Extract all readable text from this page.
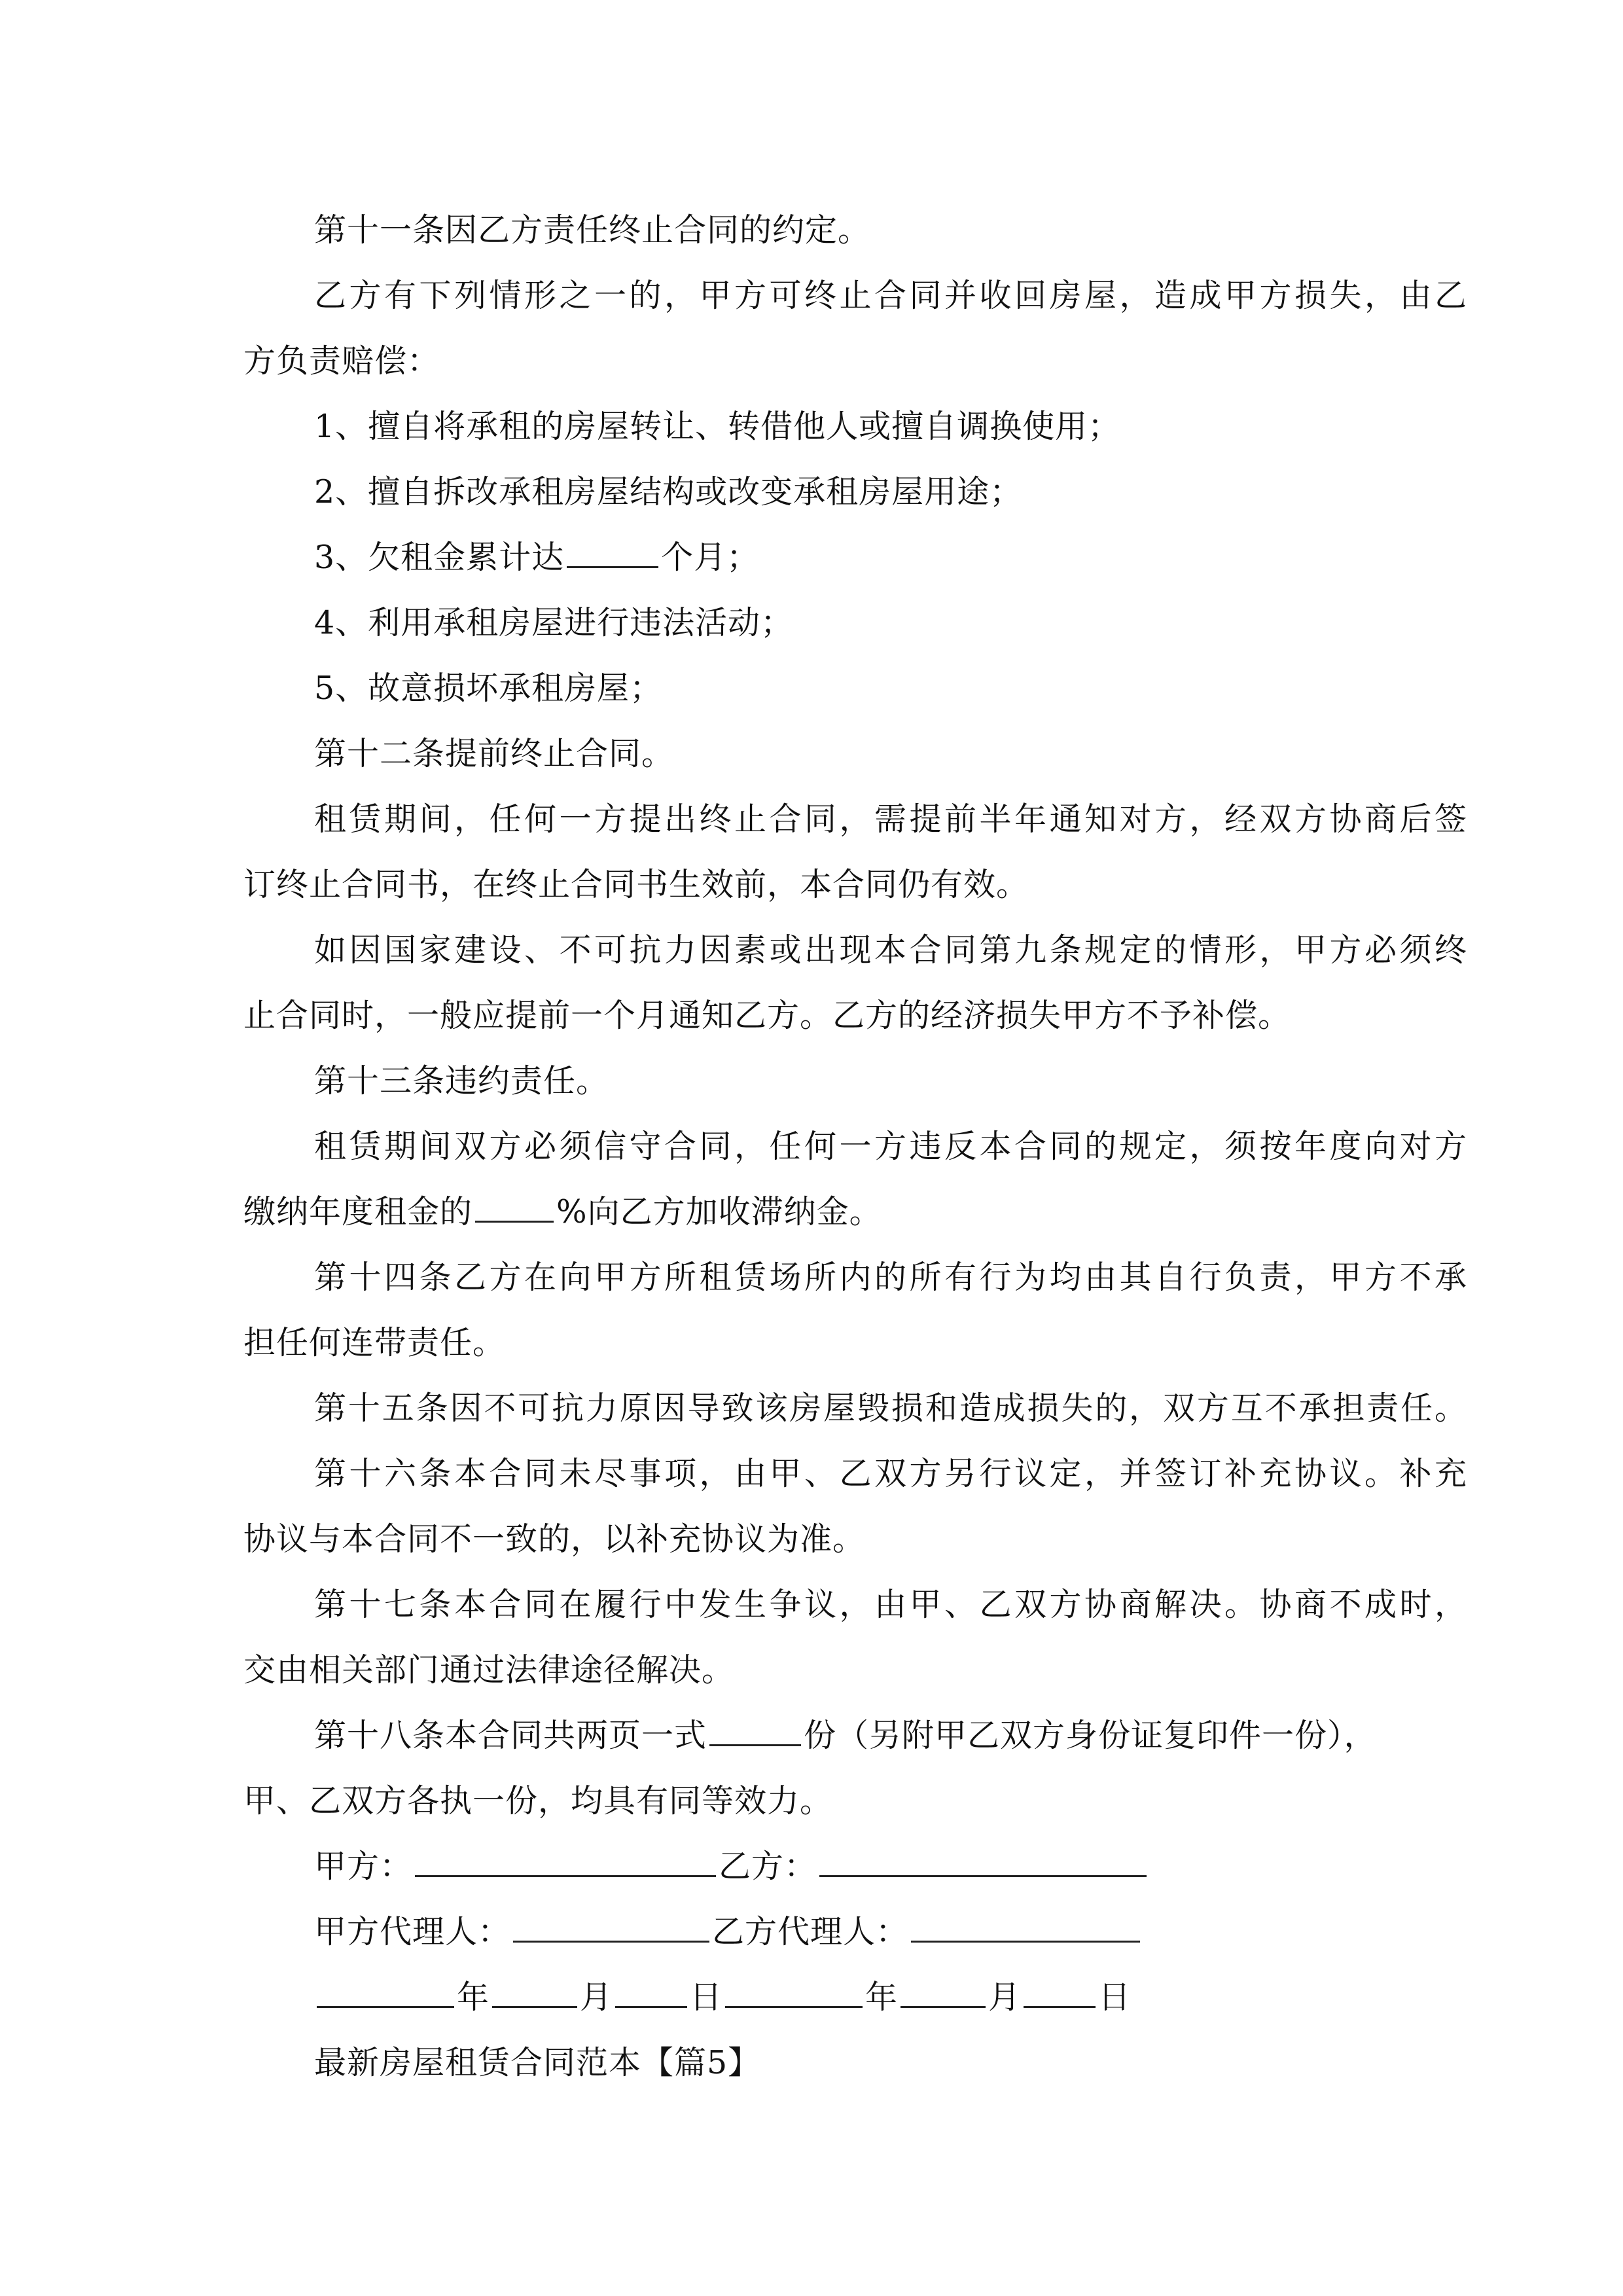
第十一条因乙方责任终止合同的约定。
乙方有下列情形之一的，甲方可终止合同并收回房屋，造成甲方损失，由乙
方负责赔偿：
1、擅自将承租的房屋转让、转借他人或擅自调换使用；
2、擅自拆改承租房屋结构或改变承租房屋用途；
3、欠租金累计达	个月；
4、利用承租房屋进行违法活动；
5、故意损坏承租房屋；
第十二条提前终止合同。
租赁期间，任何一方提出终止合同，需提前半年通知对方，经双方协商后签
订终止合同书，在终止合同书生效前，本合同仍有效。
如因国家建设、不可抗力因素或出现本合同第九条规定的情形，甲方必须终
止合同时，一般应提前一个月通知乙方。乙方的经济损失甲方不予补偿。
第十三条违约责任。
租赁期间双方必须信守合同，任何一方违反本合同的规定，须按年度向对方
缴纳年度租金的	%向乙方加收滞纳金。
第十四条乙方在向甲方所租赁场所内的所有行为均由其自行负责，甲方不承
担任何连带责任。
第十五条因不可抗力原因导致该房屋毁损和造成损失的，双方互不承担责任。
第十六条本合同未尽事项，由甲、乙双方另行议定，并签订补充协议。补充
协议与本合同不一致的，以补充协议为准。
第十七条本合同在履行中发生争议，由甲、乙双方协商解决。协商不成时，
交由相关部门通过法律途径解决。
第十八条本合同共两页一式	份（另附甲乙双方身份证复印件一份），
甲、乙双方各执一份，均具有同等效力。
甲方：	乙方：
甲方代理人：	乙方代理人：
年	月 日	年	月 日
最新房屋租赁合同范本【篇5】
